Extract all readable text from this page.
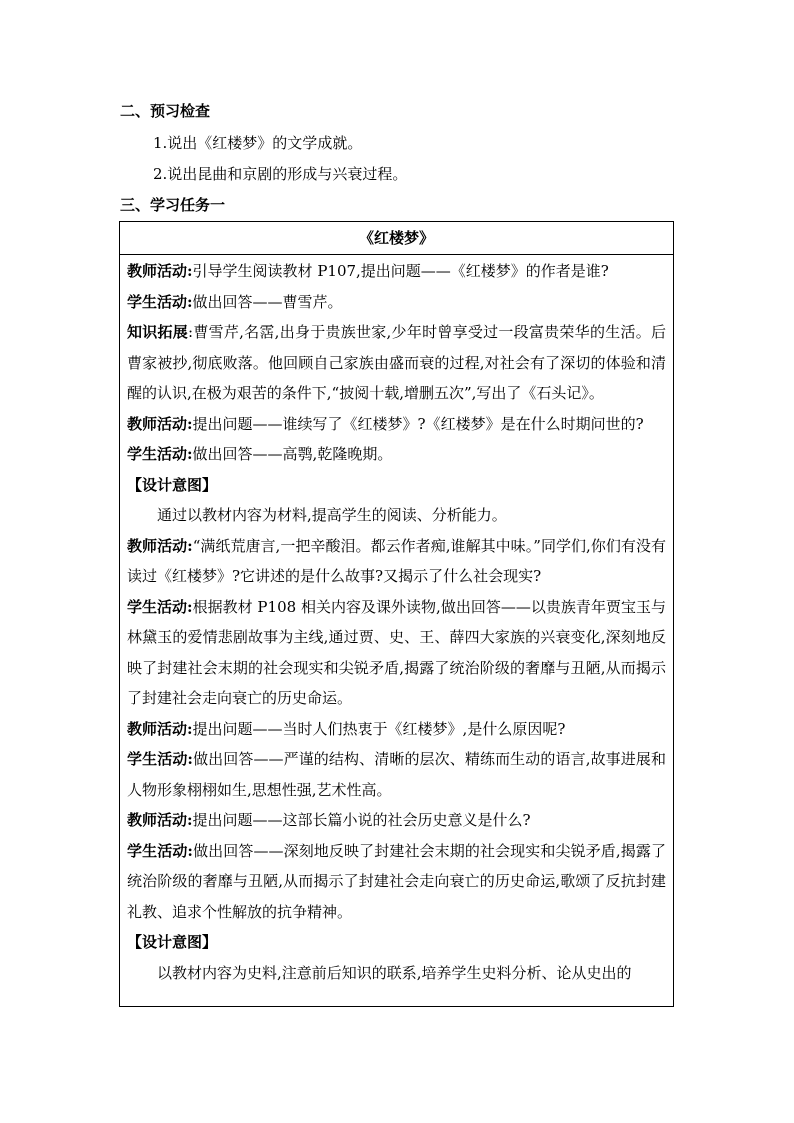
二、预习检查
1.说出《红楼梦》的文学成就。
2.说出昆曲和京剧的形成与兴衰过程。
三、学习任务一
《红楼梦》

教师活动:引导学生阅读教材 P107,提出问题——《红楼梦》的作者是谁?

学生活动:做出回答——曹雪芹。

知识拓展:曹雪芹,名霑,出身于贵族世家,少年时曾享受过一段富贵荣华的生活。后曹家被抄,彻底败落。他回顾自己家族由盛而衰的过程,对社会有了深切的体验和清醒的认识,在极为艰苦的条件下,“披阅十载,增删五次”,写出了《石头记》。

教师活动:提出问题——谁续写了《红楼梦》?《红楼梦》是在什么时期问世的?

学生活动:做出回答——高鹗,乾隆晚期。

【设计意图】

通过以教材内容为材料,提高学生的阅读、分析能力。

教师活动:“满纸荒唐言,一把辛酸泪。都云作者痴,谁解其中味。”同学们,你们有没有读过《红楼梦》?它讲述的是什么故事?又揭示了什么社会现实?

学生活动:根据教材 P108 相关内容及课外读物,做出回答——以贵族青年贾宝玉与林黛玉的爱情悲剧故事为主线,通过贾、史、王、薛四大家族的兴衰变化,深刻地反映了封建社会末期的社会现实和尖锐矛盾,揭露了统治阶级的奢靡与丑陋,从而揭示了封建社会走向衰亡的历史命运。

教师活动:提出问题——当时人们热衷于《红楼梦》,是什么原因呢?

学生活动:做出回答——严谨的结构、清晰的层次、精练而生动的语言,故事进展和人物形象栩栩如生,思想性强,艺术性高。

教师活动:提出问题——这部长篇小说的社会历史意义是什么?

学生活动:做出回答——深刻地反映了封建社会末期的社会现实和尖锐矛盾,揭露了统治阶级的奢靡与丑陋,从而揭示了封建社会走向衰亡的历史命运,歌颂了反抗封建礼教、追求个性解放的抗争精神。

【设计意图】

以教材内容为史料,注意前后知识的联系,培养学生史料分析、论从史出的
